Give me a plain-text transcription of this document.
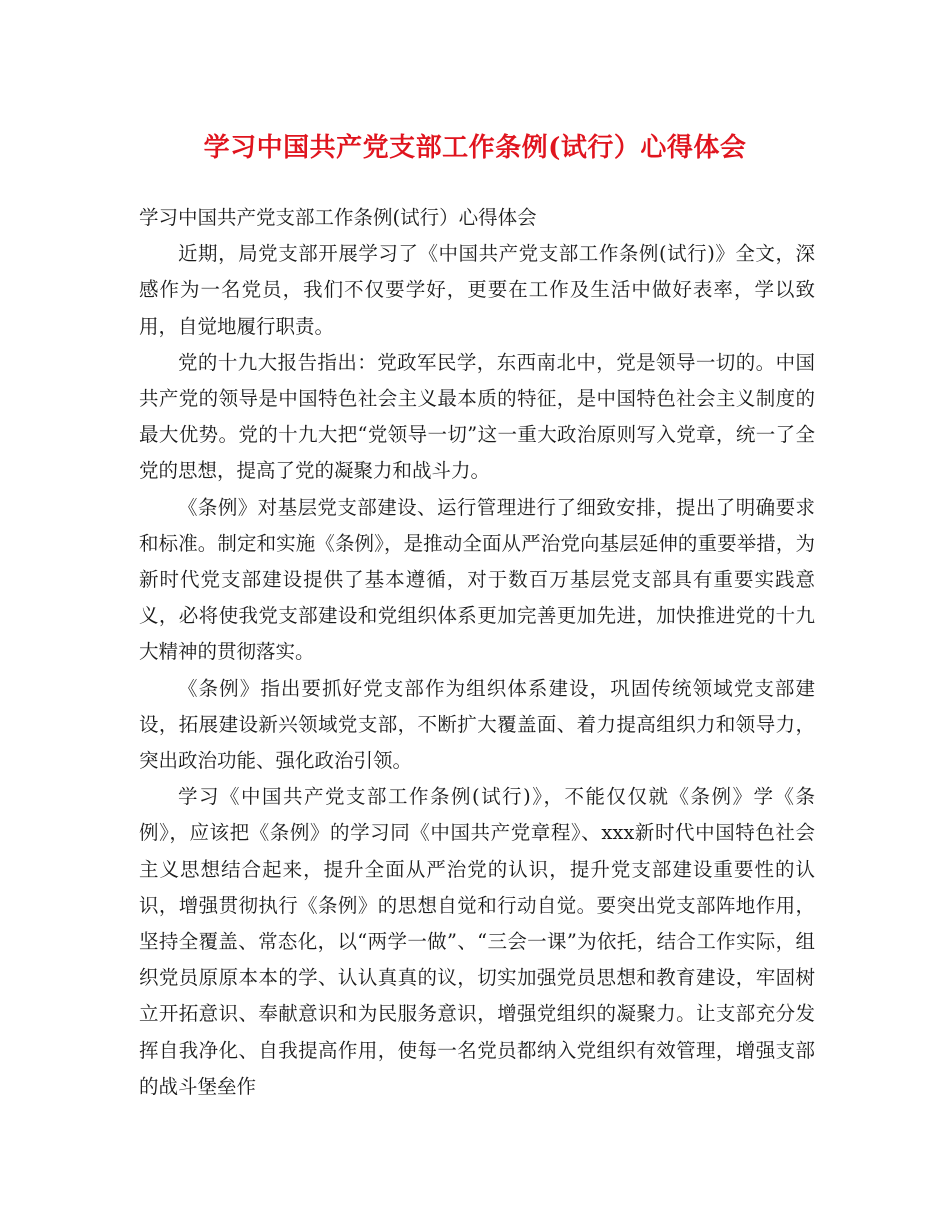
学习中国共产党支部工作条例(试行）心得体会

学习中国共产党支部工作条例(试行）心得体会

近期，局党支部开展学习了《中国共产党支部工作条例(试行)》全文，深感作为一名党员，我们不仅要学好，更要在工作及生活中做好表率，学以致用，自觉地履行职责。

党的十九大报告指出：党政军民学，东西南北中，党是领导一切的。中国共产党的领导是中国特色社会主义最本质的特征，是中国特色社会主义制度的最大优势。党的十九大把“党领导一切”这一重大政治原则写入党章，统一了全党的思想，提高了党的凝聚力和战斗力。

《条例》对基层党支部建设、运行管理进行了细致安排，提出了明确要求和标准。制定和实施《条例》，是推动全面从严治党向基层延伸的重要举措，为新时代党支部建设提供了基本遵循，对于数百万基层党支部具有重要实践意义，必将使我党支部建设和党组织体系更加完善更加先进，加快推进党的十九大精神的贯彻落实。

《条例》指出要抓好党支部作为组织体系建设，巩固传统领域党支部建设，拓展建设新兴领域党支部，不断扩大覆盖面、着力提高组织力和领导力，突出政治功能、强化政治引领。

学习《中国共产党支部工作条例(试行)》，不能仅仅就《条例》学《条例》，应该把《条例》的学习同《中国共产党章程》、xxx新时代中国特色社会主义思想结合起来，提升全面从严治党的认识，提升党支部建设重要性的认识，增强贯彻执行《条例》的思想自觉和行动自觉。要突出党支部阵地作用，坚持全覆盖、常态化，以“两学一做”、“三会一课”为依托，结合工作实际，组织党员原原本本的学、认认真真的议，切实加强党员思想和教育建设，牢固树立开拓意识、奉献意识和为民服务意识，增强党组织的凝聚力。让支部充分发挥自我净化、自我提高作用，使每一名党员都纳入党组织有效管理，增强支部的战斗堡垒作
